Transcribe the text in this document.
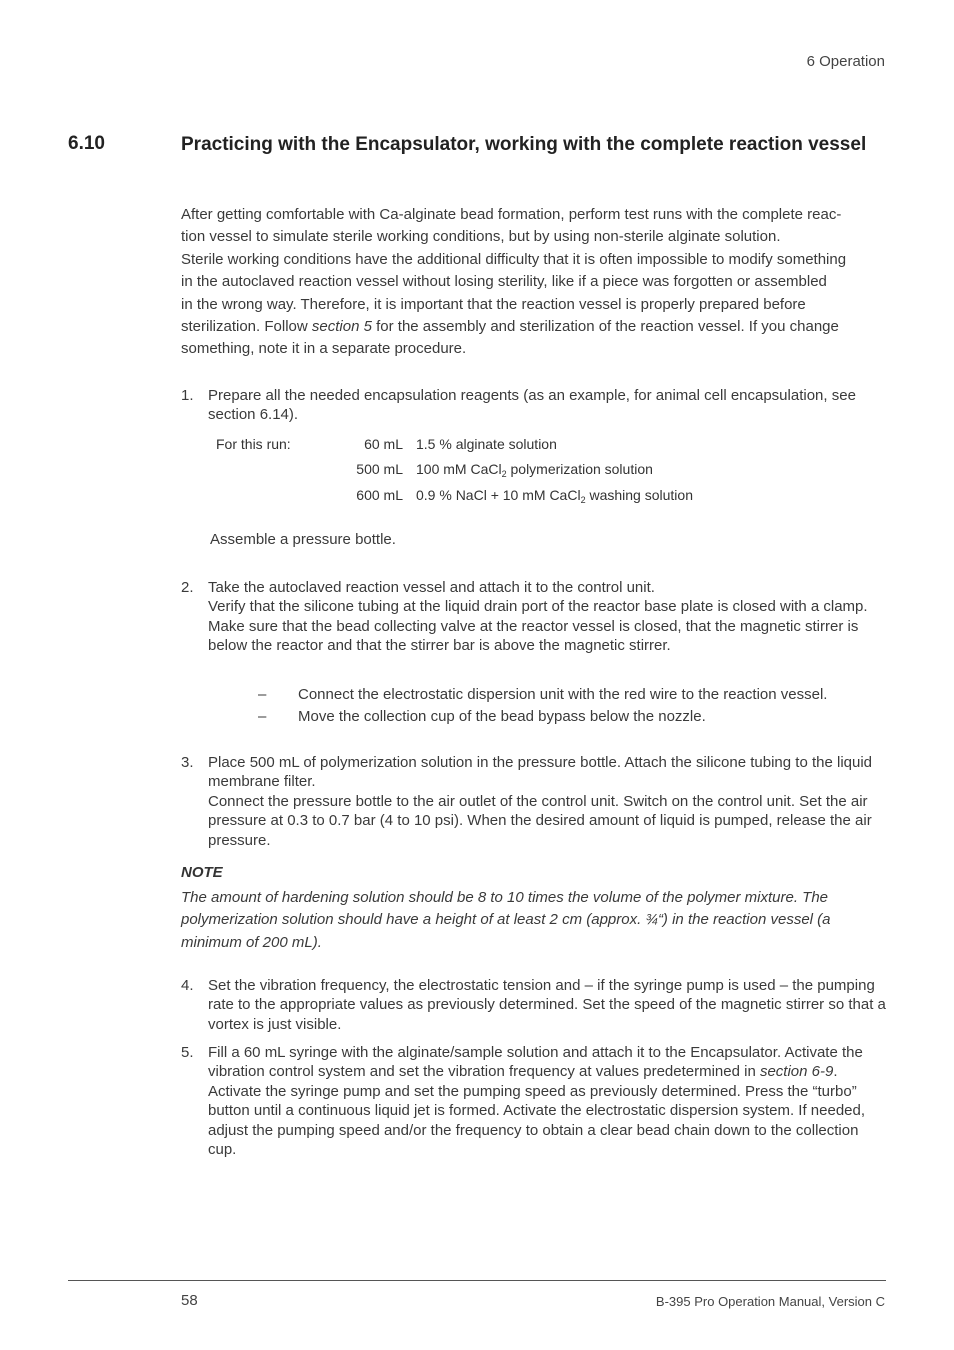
6 Operation
6.10	Practicing with the Encapsulator, working with the complete reaction vessel
After getting comfortable with Ca-alginate bead formation, perform test runs with the complete reac-
tion vessel to simulate sterile working conditions, but by using non-sterile alginate solution.
Sterile working conditions have the additional difficulty that it is often impossible to modify something
in the autoclaved reaction vessel without losing sterility, like if a piece was forgotten or assembled
in the wrong way. Therefore, it is important that the reaction vessel is properly prepared before
sterilization. Follow section 5 for the assembly and sterilization of the reaction vessel. If you change
something, note it in a separate procedure.
1. Prepare all the needed encapsulation reagents (as an example, for animal cell encapsulation, see section 6.14).
For this run:	60 mL 1.5 % alginate solution
500 mL 100 mM CaCl$_2$ polymerization solution
600 mL 0.9 % NaCl + 10 mM CaCl$_2$ washing solution
Assemble a pressure bottle.
2. Take the autoclaved reaction vessel and attach it to the control unit.
Verify that the silicone tubing at the liquid drain port of the reactor base plate is closed with a clamp. Make sure that the bead collecting valve at the reactor vessel is closed, that the magnetic stirrer is below the reactor and that the stirrer bar is above the magnetic stirrer.
– Connect the electrostatic dispersion unit with the red wire to the reaction vessel.
– Move the collection cup of the bead bypass below the nozzle.
3. Place 500 mL of polymerization solution in the pressure bottle. Attach the silicone tubing to the liquid membrane filter.
Connect the pressure bottle to the air outlet of the control unit. Switch on the control unit. Set the air pressure at 0.3 to 0.7 bar (4 to 10 psi). When the desired amount of liquid is pumped, release the air pressure.
NOTE
The amount of hardening solution should be 8 to 10 times the volume of the polymer mixture. The
polymerization solution should have a height of at least 2 cm (approx. ¾“) in the reaction vessel (a
minimum of 200 mL).
4. Set the vibration frequency, the electrostatic tension and – if the syringe pump is used – the pumping rate to the appropriate values as previously determined. Set the speed of the magnetic stirrer so that a vortex is just visible.
5. Fill a 60 mL syringe with the alginate/sample solution and attach it to the Encapsulator. Activate the vibration control system and set the vibration frequency at values predetermined in section 6-9. Activate the syringe pump and set the pumping speed as previously determined. Press the “turbo” button until a continuous liquid jet is formed. Activate the electrostatic dispersion system. If needed, adjust the pumping speed and/or the frequency to obtain a clear bead chain down to the collection cup.
58	B-395 Pro Operation Manual, Version C
